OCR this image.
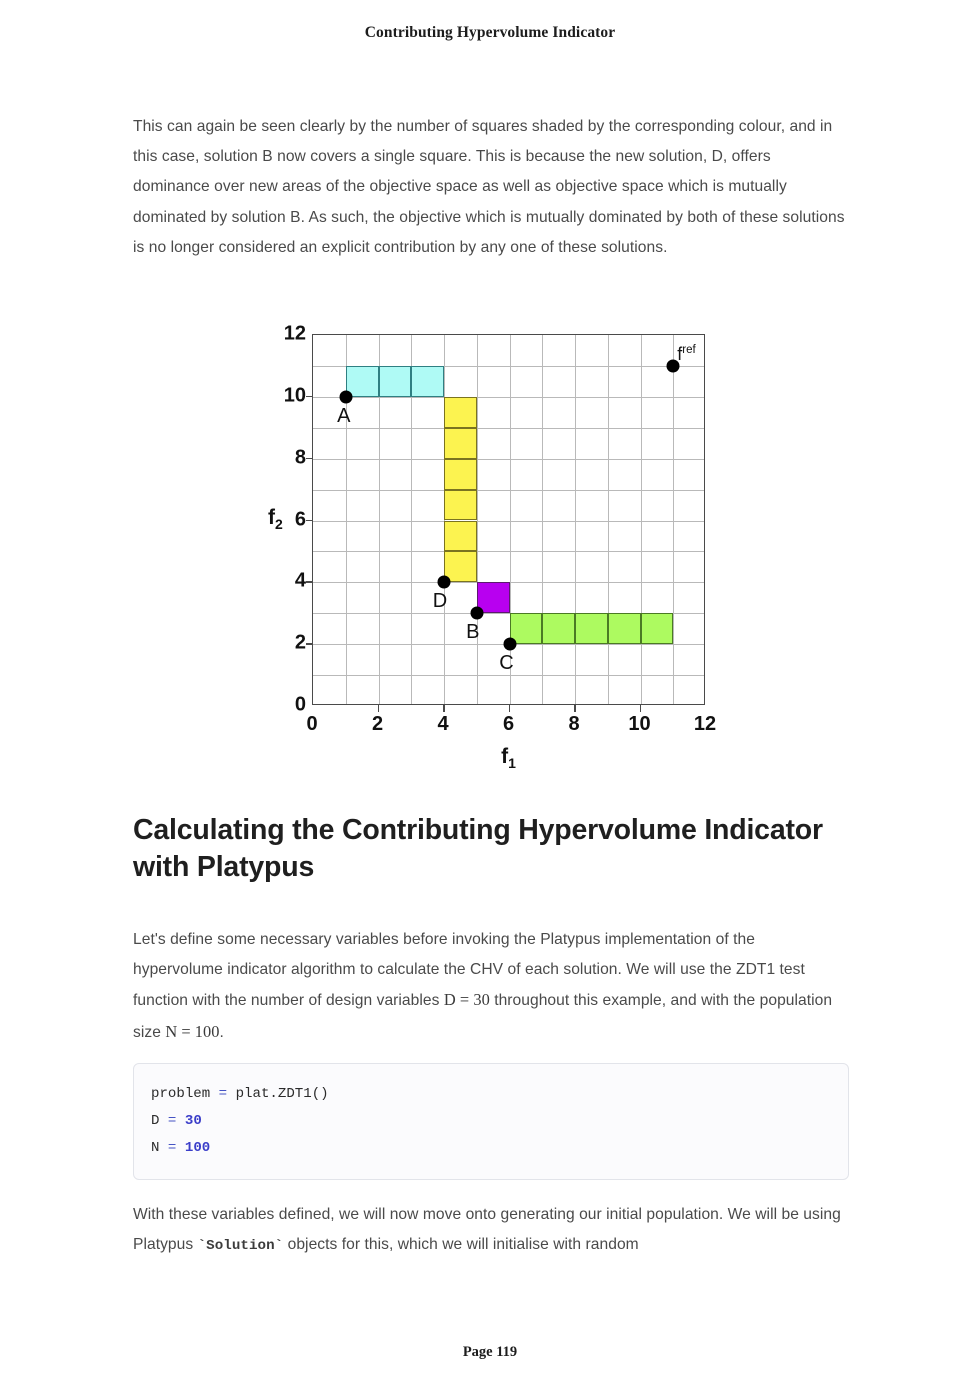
Contributing Hypervolume Indicator

This can again be seen clearly by the number of squares shaded by the corresponding colour, and in this case, solution B now covers a single square. This is because the new solution, D, offers dominance over new areas of the objective space as well as objective space which is mutually dominated by solution B. As such, the objective which is mutually dominated by both of these solutions is no longer considered an explicit contribution by any one of these solutions.

A
D
B
C
$f^{ref}$
0
2
4
6
8
10
12
0	2	4	6	8	10	12
$f_2$
$f_1$
Calculating the Contributing Hypervolume Indicator with Platypus

Let's define some necessary variables before invoking the Platypus implementation of the hypervolume indicator algorithm to calculate the CHV of each solution. We will use the ZDT1 test function with the number of design variables D = 30 throughout this example, and with the population size N = 100.

problem = plat.ZDT1()
D = 30
N = 100

With these variables defined, we will now move onto generating our initial population. We will be using Platypus `Solution` objects for this, which we will initialise with random

Page 119
